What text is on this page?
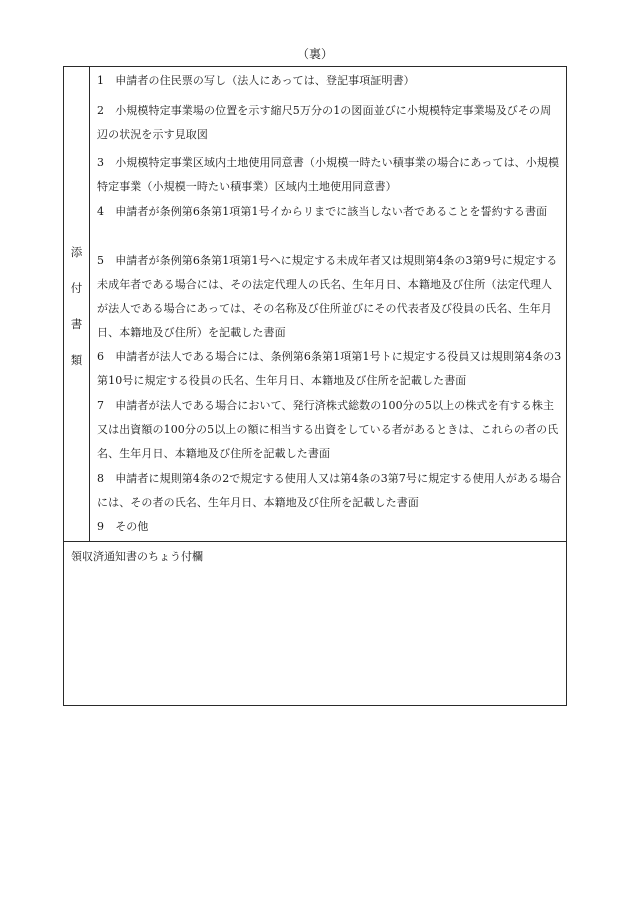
（裏）
添
付
書
類
1　申請者の住民票の写し（法人にあっては、登記事項証明書）
2　小規模特定事業場の位置を示す縮尺5万分の1の図面並びに小規模特定事業場及びその周辺の状況を示す見取図
3　小規模特定事業区域内土地使用同意書（小規模一時たい積事業の場合にあっては、小規模特定事業（小規模一時たい積事業）区域内土地使用同意書）
4　申請者が条例第6条第1項第1号イからリまでに該当しない者であることを誓約する書面
5　申請者が条例第6条第1項第1号へに規定する未成年者又は規則第4条の3第9号に規定する未成年者である場合には、その法定代理人の氏名、生年月日、本籍地及び住所（法定代理人が法人である場合にあっては、その名称及び住所並びにその代表者及び役員の氏名、生年月日、本籍地及び住所）を記載した書面
6　申請者が法人である場合には、条例第6条第1項第1号トに規定する役員又は規則第4条の3第10号に規定する役員の氏名、生年月日、本籍地及び住所を記載した書面
7　申請者が法人である場合において、発行済株式総数の100分の5以上の株式を有する株主又は出資額の100分の5以上の額に相当する出資をしている者があるときは、これらの者の氏名、生年月日、本籍地及び住所を記載した書面
8　申請者に規則第4条の2で規定する使用人又は第4条の3第7号に規定する使用人がある場合には、その者の氏名、生年月日、本籍地及び住所を記載した書面
9　その他
領収済通知書のちょう付欄
